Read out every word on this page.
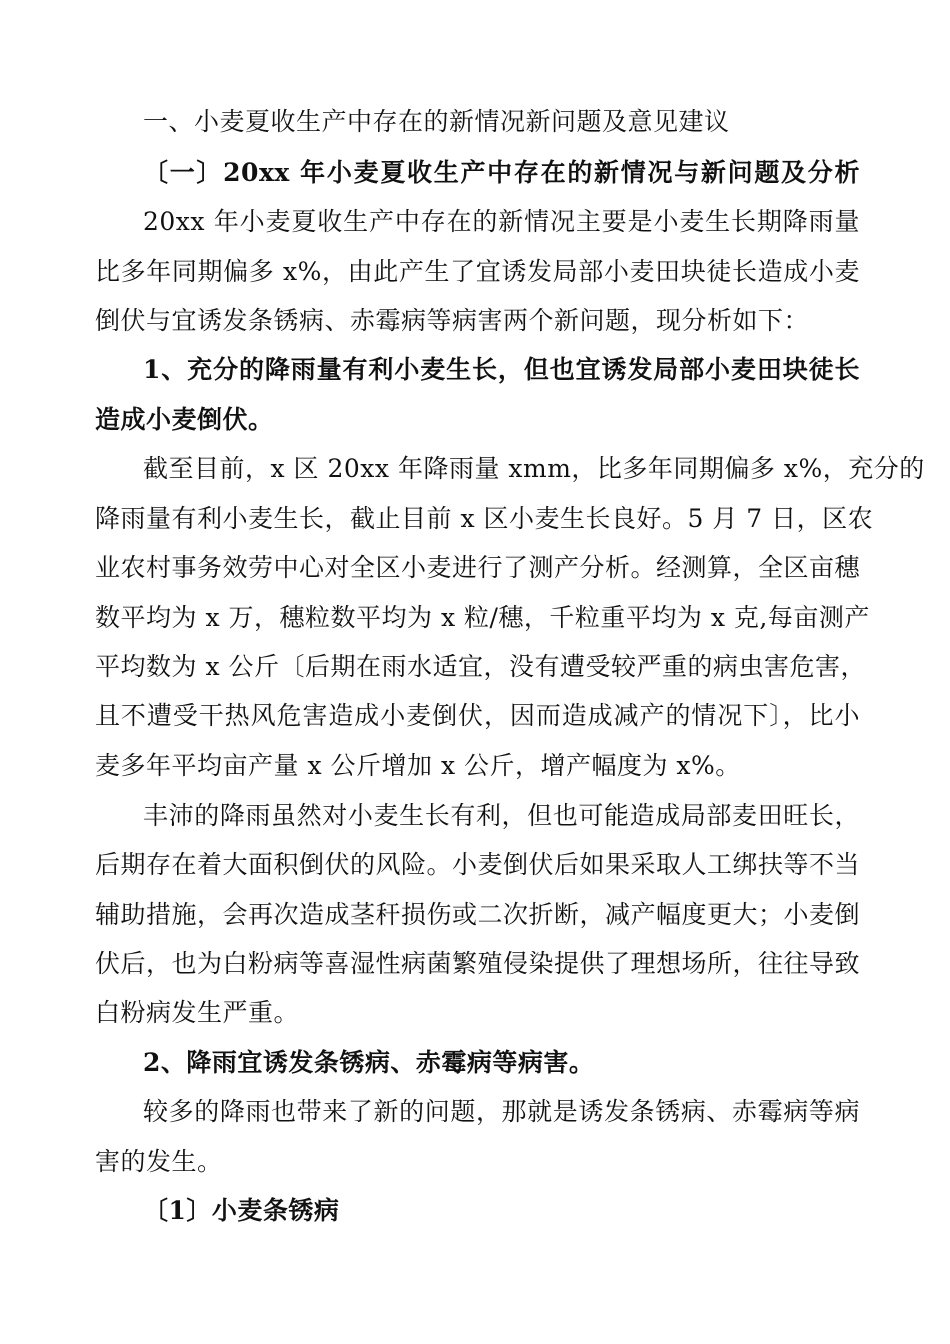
一、小麦夏收生产中存在的新情况新问题及意见建议
〔一〕20xx 年小麦夏收生产中存在的新情况与新问题及分析
20xx 年小麦夏收生产中存在的新情况主要是小麦生长期降雨量
比多年同期偏多 x%，由此产生了宜诱发局部小麦田块徒长造成小麦
倒伏与宜诱发条锈病、赤霉病等病害两个新问题，现分析如下：
1、充分的降雨量有利小麦生长，但也宜诱发局部小麦田块徒长
造成小麦倒伏。
截至目前，x 区 20xx 年降雨量 xmm，比多年同期偏多 x%，充分的
降雨量有利小麦生长，截止目前 x 区小麦生长良好。5 月 7 日，区农
业农村事务效劳中心对全区小麦进行了测产分析。经测算，全区亩穗
数平均为 x 万，穗粒数平均为 x 粒/穗，千粒重平均为 x 克,每亩测产
平均数为 x 公斤〔后期在雨水适宜，没有遭受较严重的病虫害危害，
且不遭受干热风危害造成小麦倒伏，因而造成减产的情况下〕，比小
麦多年平均亩产量 x 公斤增加 x 公斤，增产幅度为 x%。
丰沛的降雨虽然对小麦生长有利，但也可能造成局部麦田旺长，
后期存在着大面积倒伏的风险。小麦倒伏后如果采取人工绑扶等不当
辅助措施，会再次造成茎秆损伤或二次折断，减产幅度更大；小麦倒
伏后，也为白粉病等喜湿性病菌繁殖侵染提供了理想场所，往往导致
白粉病发生严重。
2、降雨宜诱发条锈病、赤霉病等病害。
较多的降雨也带来了新的问题，那就是诱发条锈病、赤霉病等病
害的发生。
〔1〕小麦条锈病
